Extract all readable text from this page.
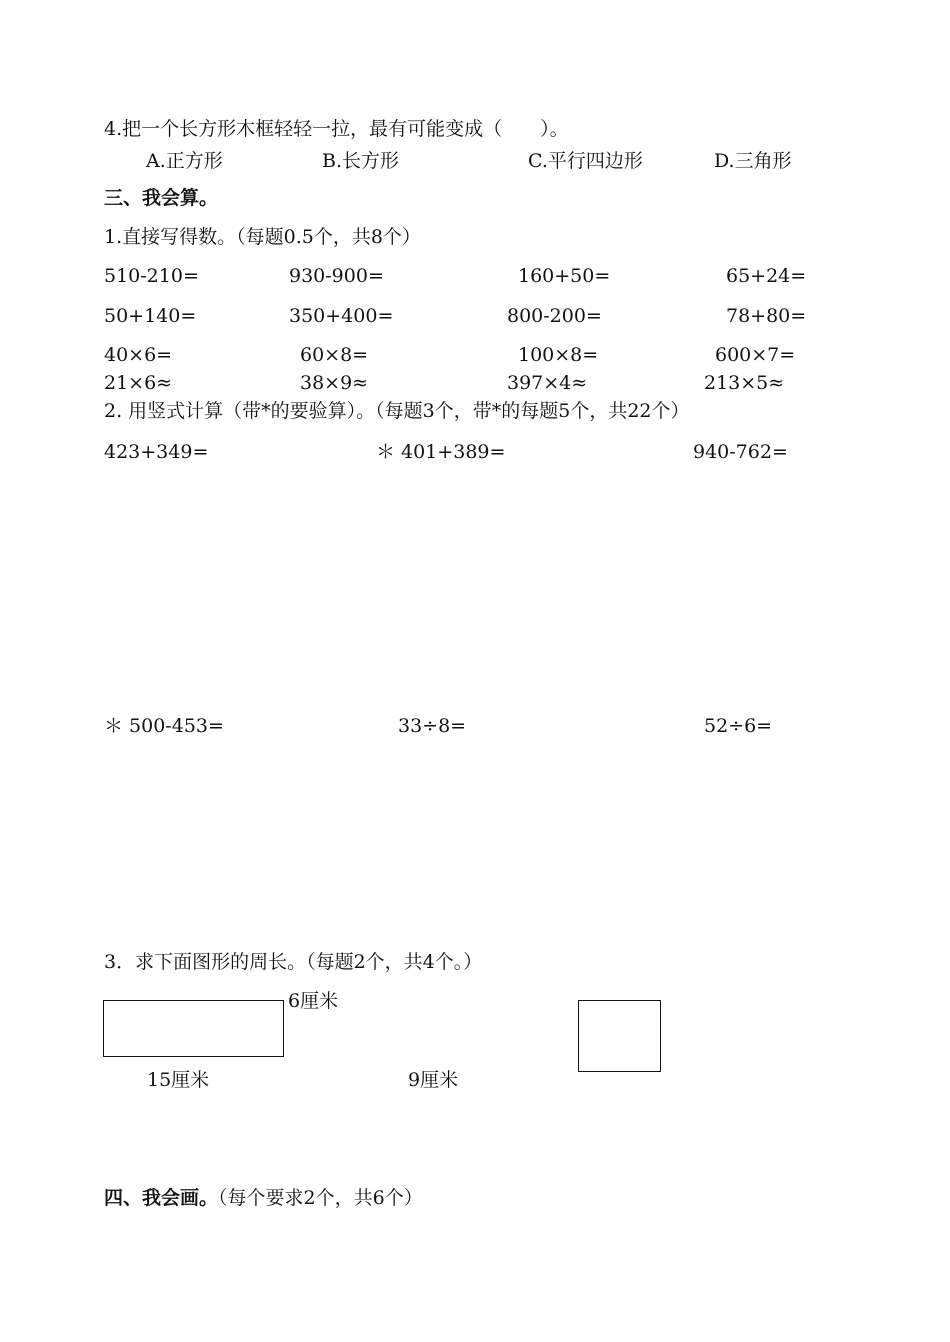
4.把一个长方形木框轻轻一拉，最有可能变成（　　）。
A.正方形	B.长方形	C.平行四边形	D.三角形
三、我会算。
1.直接写得数。（每题0.5个，共8个）
510-210=	930-900=	160+50=	65+24=
50+140=	350+400=	800-200=	78+80=
40×6=	60×8=	100×8=	600×7=
21×6≈	38×9≈	397×4≈	213×5≈
2. 用竖式计算（带*的要验算）。（每题3个，带*的每题5个，共22个）
423+349=	＊ 401+389=	940-762=
＊ 500-453=	33÷8=	52÷6=
3．求下面图形的周长。（每题2个，共4个。）
6厘米
15厘米	9厘米
四、我会画。（每个要求2个，共6个）
